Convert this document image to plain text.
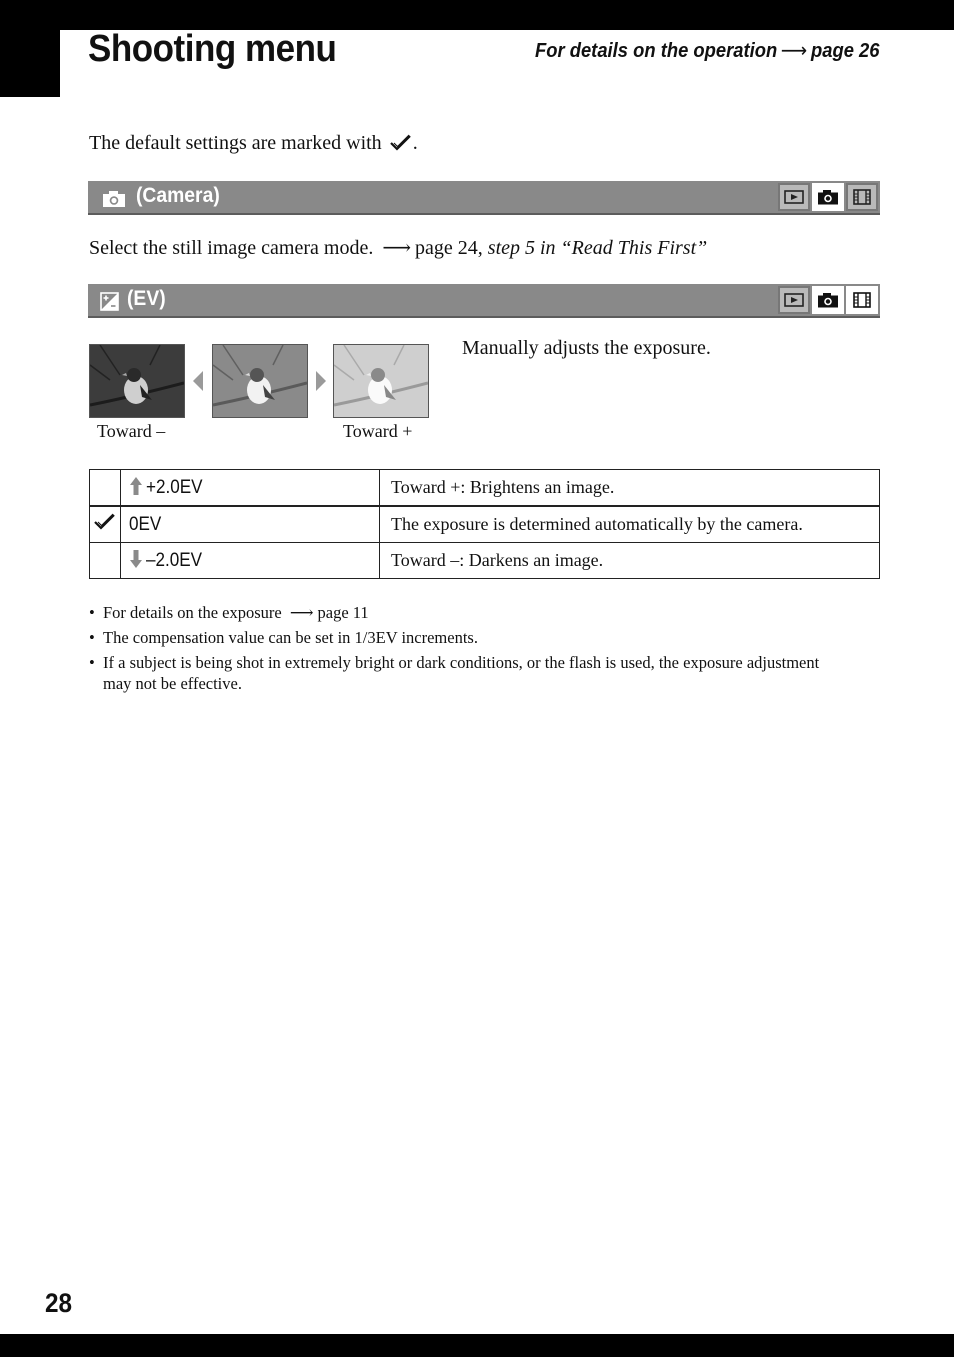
Shooting menu	For details on the operation ⟶ page 26
The default settings are marked with .
(Camera)
Select the still image camera mode. ⟶ page 24, step 5 in “Read This First”
(EV)
Toward –	Toward +
Manually adjusts the exposure.
	+2.0EV	Toward +: Brightens an image.
	0EV	The exposure is determined automatically by the camera.
	–2.0EV	Toward –: Darkens an image.
• For details on the exposure ⟶ page 11
• The compensation value can be set in 1/3EV increments.
• If a subject is being shot in extremely bright or dark conditions, or the flash is used, the exposure adjustment may not be effective.
28
